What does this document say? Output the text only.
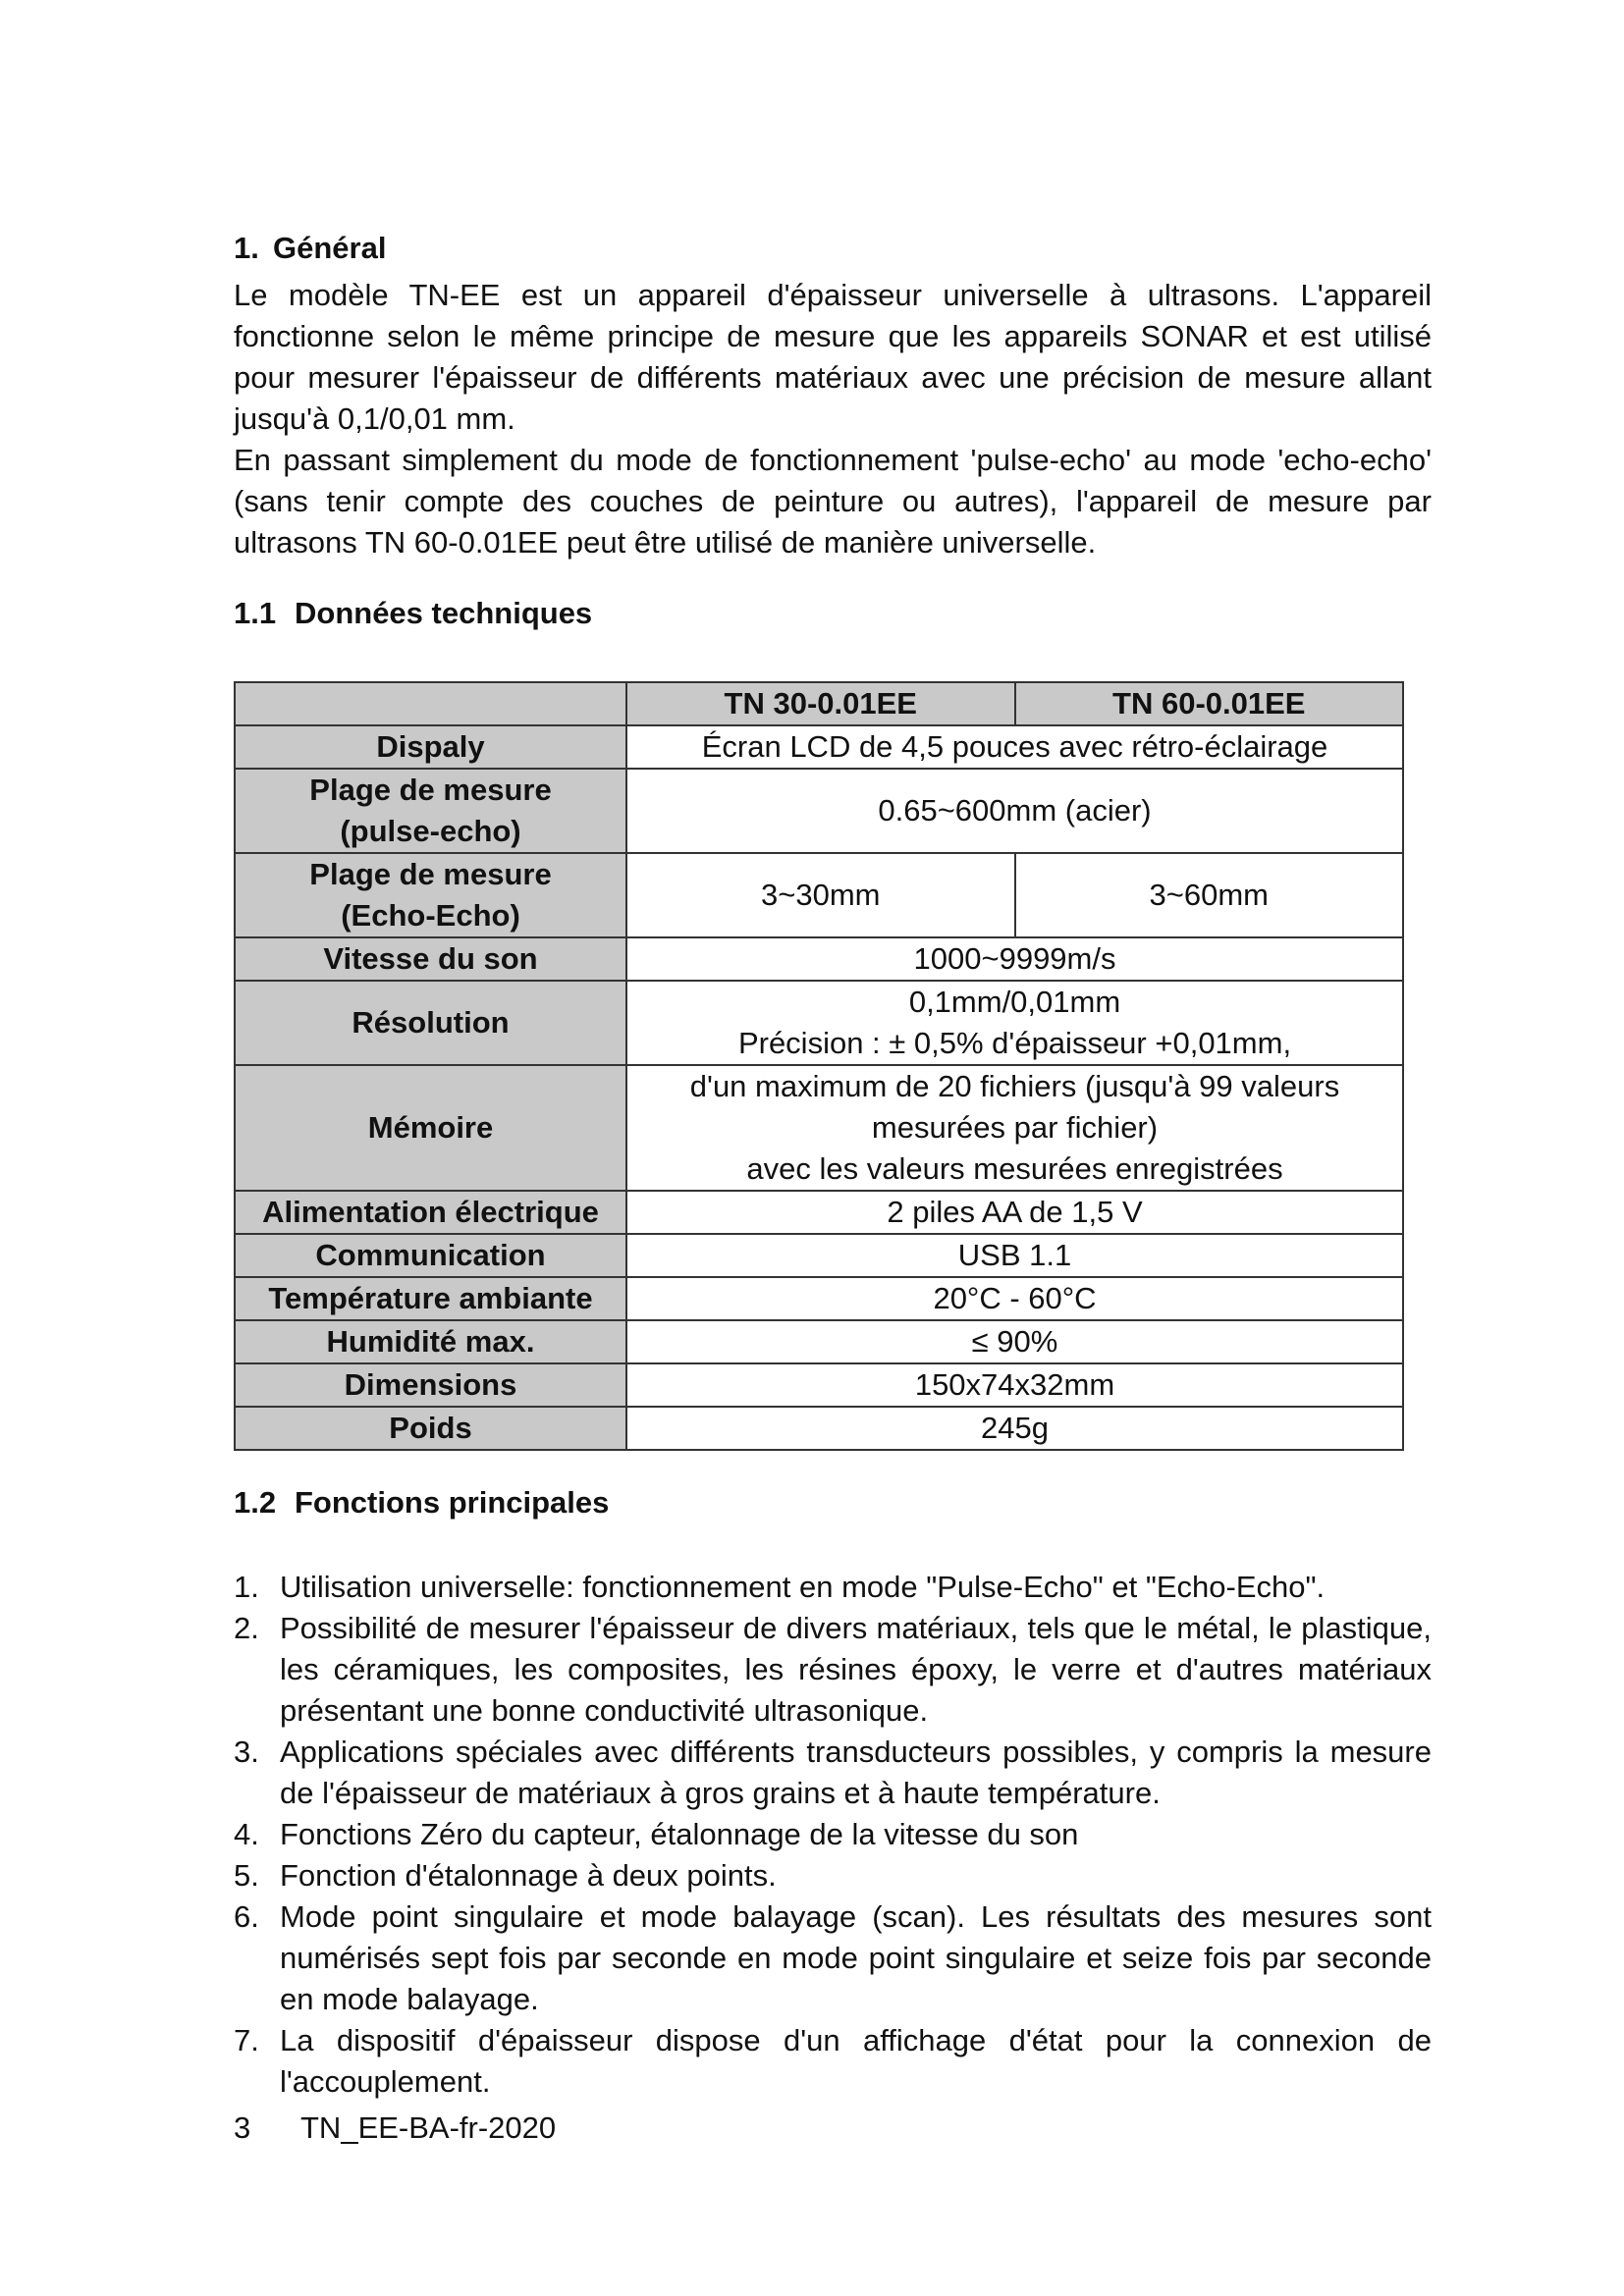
1. Général

Le modèle TN-EE est un appareil d'épaisseur universelle à ultrasons. L'appareil fonctionne selon le même principe de mesure que les appareils SONAR et est utilisé pour mesurer l'épaisseur de différents matériaux avec une précision de mesure allant jusqu'à 0,1/0,01 mm.

En passant simplement du mode de fonctionnement 'pulse-echo' au mode 'echo-echo' (sans tenir compte des couches de peinture ou autres), l'appareil de mesure par ultrasons TN 60-0.01EE peut être utilisé de manière universelle.

1.1 Données techniques
	TN 30-0.01EE	TN 60-0.01EE
Dispaly	Écran LCD de 4,5 pouces avec rétro-éclairage	
Plage de mesure
(pulse-echo)	0.65~600mm (acier)	
Plage de mesure
(Echo-Echo)	3~30mm	3~60mm
Vitesse du son	1000~9999m/s	
Résolution	0,1mm/0,01mm
Précision : ± 0,5% d'épaisseur +0,01mm,	
Mémoire	d'un maximum de 20 fichiers (jusqu'à 99 valeurs
mesurées par fichier)
avec les valeurs mesurées enregistrées	
Alimentation électrique	2 piles AA de 1,5 V	
Communication	USB 1.1	
Température ambiante	20°C - 60°C	
Humidité max.	≤ 90%	
Dimensions	150x74x32mm	
Poids	245g	
1.2 Fonctions principales
1. Utilisation universelle: fonctionnement en mode "Pulse-Echo" et "Echo-Echo".
2. Possibilité de mesurer l'épaisseur de divers matériaux, tels que le métal, le plastique, les céramiques, les composites, les résines époxy, le verre et d'autres matériaux présentant une bonne conductivité ultrasonique.
3. Applications spéciales avec différents transducteurs possibles, y compris la mesure de l'épaisseur de matériaux à gros grains et à haute température.
4. Fonctions Zéro du capteur, étalonnage de la vitesse du son
5. Fonction d'étalonnage à deux points.
6. Mode point singulaire et mode balayage (scan). Les résultats des mesures sont numérisés sept fois par seconde en mode point singulaire et seize fois par seconde en mode balayage.
7. La dispositif d'épaisseur dispose d'un affichage d'état pour la connexion de l'accouplement.
3 TN_EE-BA-fr-2020
